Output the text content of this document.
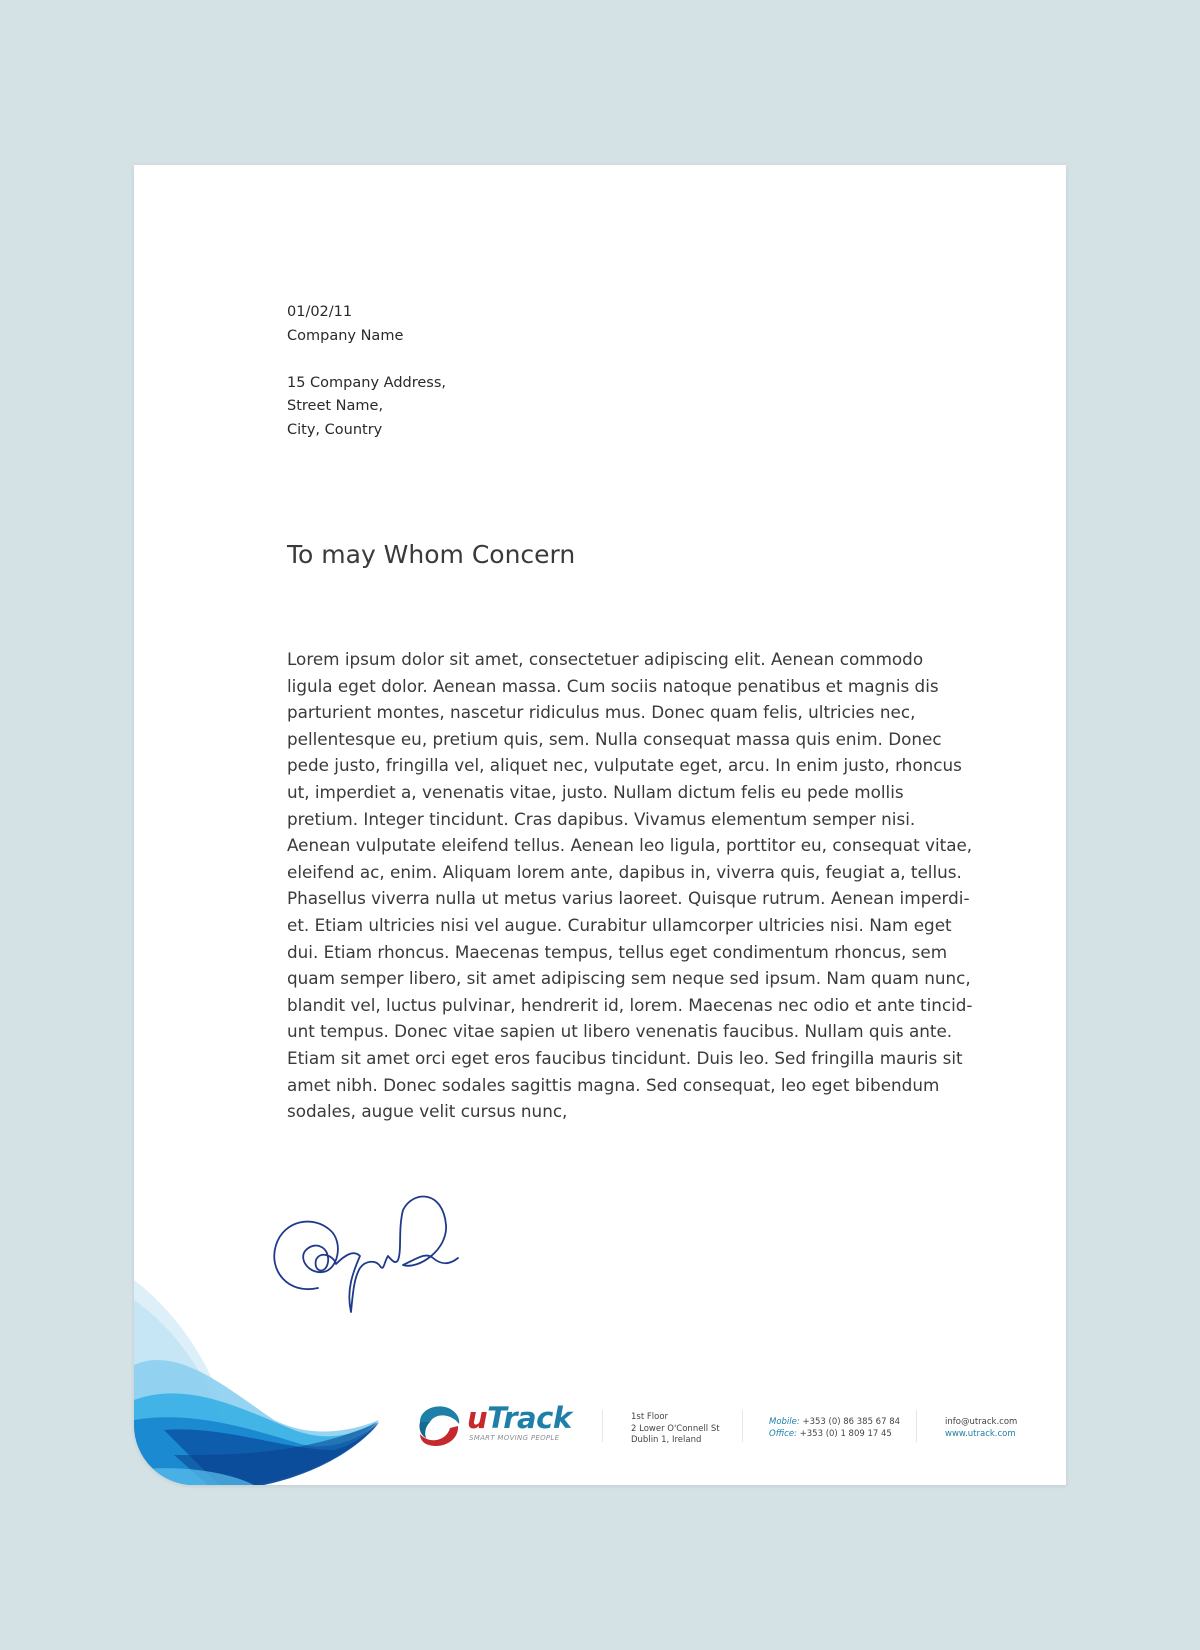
01/02/11
Company Name
15 Company Address,
Street Name,
City, Country
To may Whom Concern

Lorem ipsum dolor sit amet, consectetuer adipiscing elit. Aenean commodo
ligula eget dolor. Aenean massa. Cum sociis natoque penatibus et magnis dis
parturient montes, nascetur ridiculus mus. Donec quam felis, ultricies nec,
pellentesque eu, pretium quis, sem. Nulla consequat massa quis enim. Donec
pede justo, fringilla vel, aliquet nec, vulputate eget, arcu. In enim justo, rhoncus
ut, imperdiet a, venenatis vitae, justo. Nullam dictum felis eu pede mollis
pretium. Integer tincidunt. Cras dapibus. Vivamus elementum semper nisi.
Aenean vulputate eleifend tellus. Aenean leo ligula, porttitor eu, consequat vitae,
eleifend ac, enim. Aliquam lorem ante, dapibus in, viverra quis, feugiat a, tellus.
Phasellus viverra nulla ut metus varius laoreet. Quisque rutrum. Aenean imperdi-
et. Etiam ultricies nisi vel augue. Curabitur ullamcorper ultricies nisi. Nam eget
dui. Etiam rhoncus. Maecenas tempus, tellus eget condimentum rhoncus, sem
quam semper libero, sit amet adipiscing sem neque sed ipsum. Nam quam nunc,
blandit vel, luctus pulvinar, hendrerit id, lorem. Maecenas nec odio et ante tincid-
unt tempus. Donec vitae sapien ut libero venenatis faucibus. Nullam quis ante.
Etiam sit amet orci eget eros faucibus tincidunt. Duis leo. Sed fringilla mauris sit
amet nibh. Donec sodales sagittis magna. Sed consequat, leo eget bibendum
sodales, augue velit cursus nunc,

uTrack
SMART MOVING PEOPLE
1st Floor
2 Lower O'Connell St
Dublin 1, Ireland
Mobile: +353 (0) 86 385 67 84
Office: +353 (0) 1 809 17 45
info@utrack.com
www.utrack.com
